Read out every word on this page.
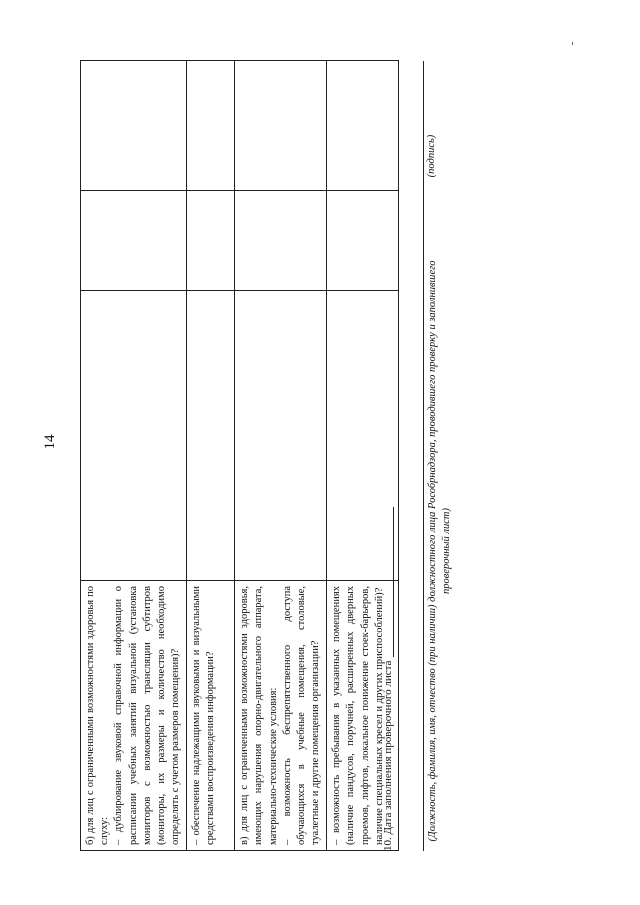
14
б) для лиц с ограниченными возможностями здоровья по слуху:
– дублирование звуковой справочной информации о расписании учебных занятий визуальной (установка мониторов с возможностью трансляции субтитров (мониторы, их размеры и количество необходимо определять с учетом размеров помещения)?			

– обеспечение надлежащими звуковыми и визуальными средствами воспроизведения информации?			

в) для лиц с ограниченными возможностями здоровья, имеющих нарушения опорно-двигательного аппарата, материально-технические условия:
– возможность беспрепятственного доступа обучающихся в учебные помещения, столовые, туалетные и другие помещения организации?			

– возможность пребывания в указанных помещениях (наличие пандусов, поручней, расширенных дверных проемов, лифтов, локальное понижение стоек-барьеров, наличие специальных кресел и других приспособлений)?			

10. Дата заполнения проверочного листа	(Должность, фамилия, имя, отчество (при наличии) должностного лица Рособрнадзора, проводившего проверку и заполнившего проверочный лист)
(подпись)
